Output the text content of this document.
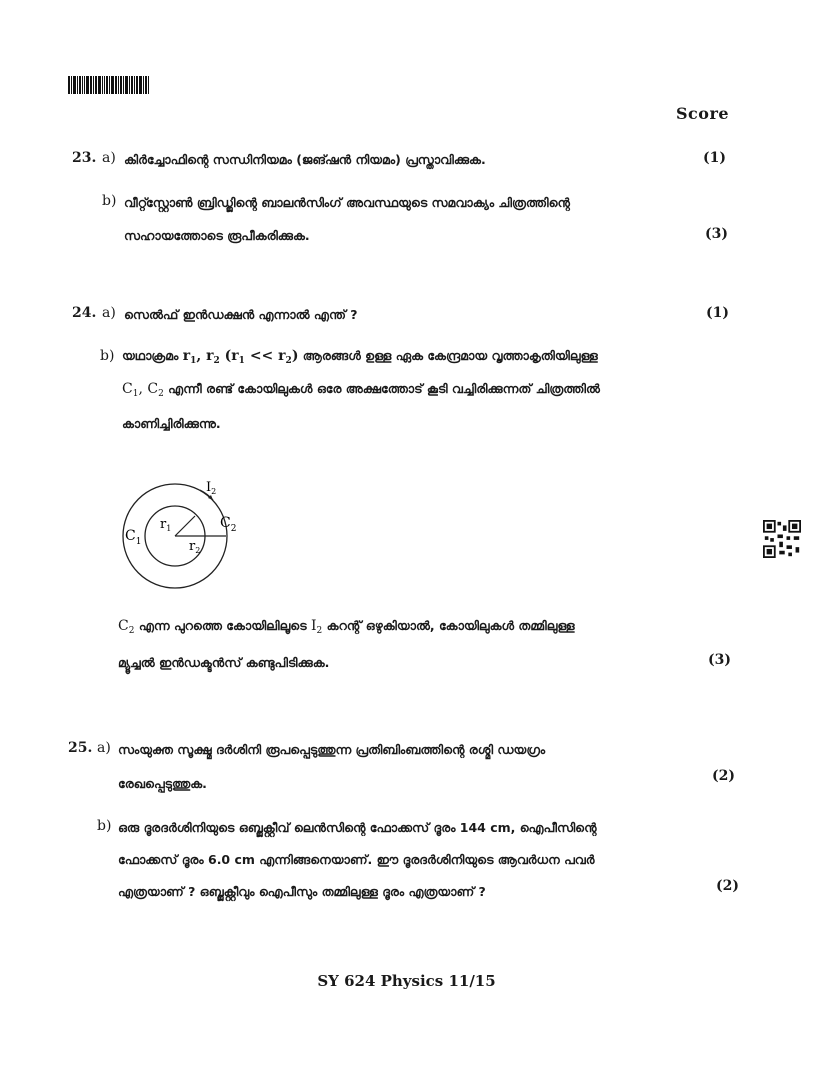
Score
23. a) കിർച്ചോഫിന്റെ സന്ധിനിയമം (ജങ്ഷൻ നിയമം) പ്രസ്താവിക്കുക.	(1)
b) വീറ്റ്സ്റ്റോൺ ബ്രിഡ്ജിന്റെ ബാലൻസിംഗ് അവസ്ഥയുടെ സമവാക്യം ചിത്രത്തിന്റെ
സഹായത്തോടെ രൂപീകരിക്കുക.	(3)
24. a) സെൽഫ് ഇൻഡക്ഷൻ എന്നാൽ എന്ത് ?	(1)
b) യഥാക്രമം $r_1$, $r_2$ $(r_1 << r_2)$ ആരങ്ങൾ ഉള്ള ഏക കേന്ദ്രമായ വൃത്താകൃതിയിലുള്ള
$C_1$, $C_2$ എന്നീ രണ്ട് കോയിലുകൾ ഒരേ അക്ഷത്തോട് കൂടി വച്ചിരിക്കുന്നത് ചിത്രത്തിൽ
കാണിച്ചിരിക്കുന്നു.
$C_1$
$C_2$
$r_1$
$r_2$
$I_2$
$C_2$ എന്ന പുറത്തെ കോയിലിലൂടെ $I_2$ കറന്റ് ഒഴുകിയാൽ, കോയിലുകൾ തമ്മിലുള്ള
മ്യൂച്ചൽ ഇൻഡക്ടൻസ് കണ്ടുപിടിക്കുക.	(3)
25. a) സംയുക്ത സൂക്ഷ്മ ദർശിനി രൂപപ്പെടുത്തുന്ന പ്രതിബിംബത്തിന്റെ രശ്മി ഡയഗ്രം
രേഖപ്പെടുത്തുക.	(2)
b) ഒരു ദൂരദർശിനിയുടെ ഒബ്ജക്റ്റീവ് ലെൻസിന്റെ ഫോക്കസ് ദൂരം 144 cm, ഐപീസിന്റെ
ഫോക്കസ് ദൂരം 6.0 cm എന്നിങ്ങനെയാണ്. ഈ ദൂരദർശിനിയുടെ ആവർധന പവർ
എത്രയാണ് ? ഒബ്ജക്റ്റീവും ഐപീസും തമ്മിലുള്ള ദൂരം എത്രയാണ് ?	(2)
SY 624 Physics 11/15
